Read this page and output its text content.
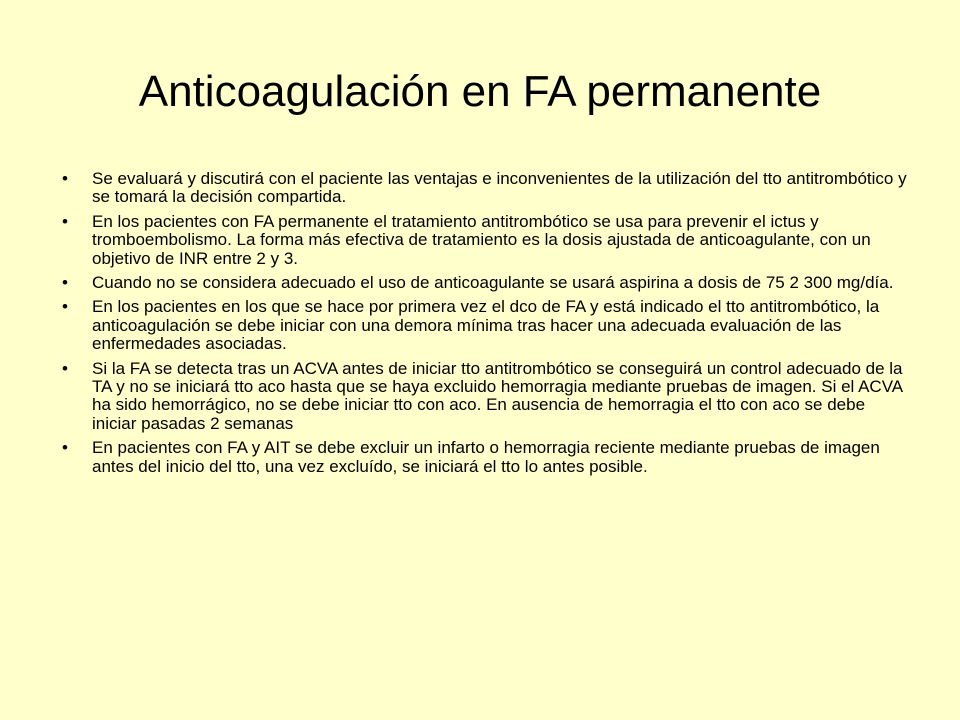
Anticoagulación en FA permanente
•	Se evaluará y discutirá con el paciente las ventajas e inconvenientes de la utilización del tto antitrombótico y se tomará la decisión compartida.
•	En los pacientes con FA permanente el tratamiento antitrombótico se usa para prevenir el ictus y tromboembolismo. La forma más efectiva de tratamiento es la dosis ajustada de anticoagulante, con un objetivo de INR entre 2 y 3.
•	Cuando no se considera adecuado el uso de anticoagulante se usará aspirina a dosis de 75 2 300 mg/día.
•	En los pacientes en los que se hace por primera vez el dco de FA y está indicado el tto antitrombótico, la anticoagulación se debe iniciar con una demora mínima tras hacer una adecuada evaluación de las enfermedades asociadas.
•	Si la FA se detecta tras un ACVA antes de iniciar tto antitrombótico se conseguirá un control adecuado de la TA y no se iniciará tto aco hasta que se haya excluido hemorragia mediante pruebas de imagen. Si el ACVA ha sido hemorrágico, no se debe iniciar tto con aco. En ausencia de hemorragia el tto con aco se debe iniciar pasadas 2 semanas
•	En pacientes con FA y AIT se debe excluir un infarto o hemorragia reciente mediante pruebas de imagen antes del inicio del tto, una vez excluído, se iniciará el tto lo antes posible.
